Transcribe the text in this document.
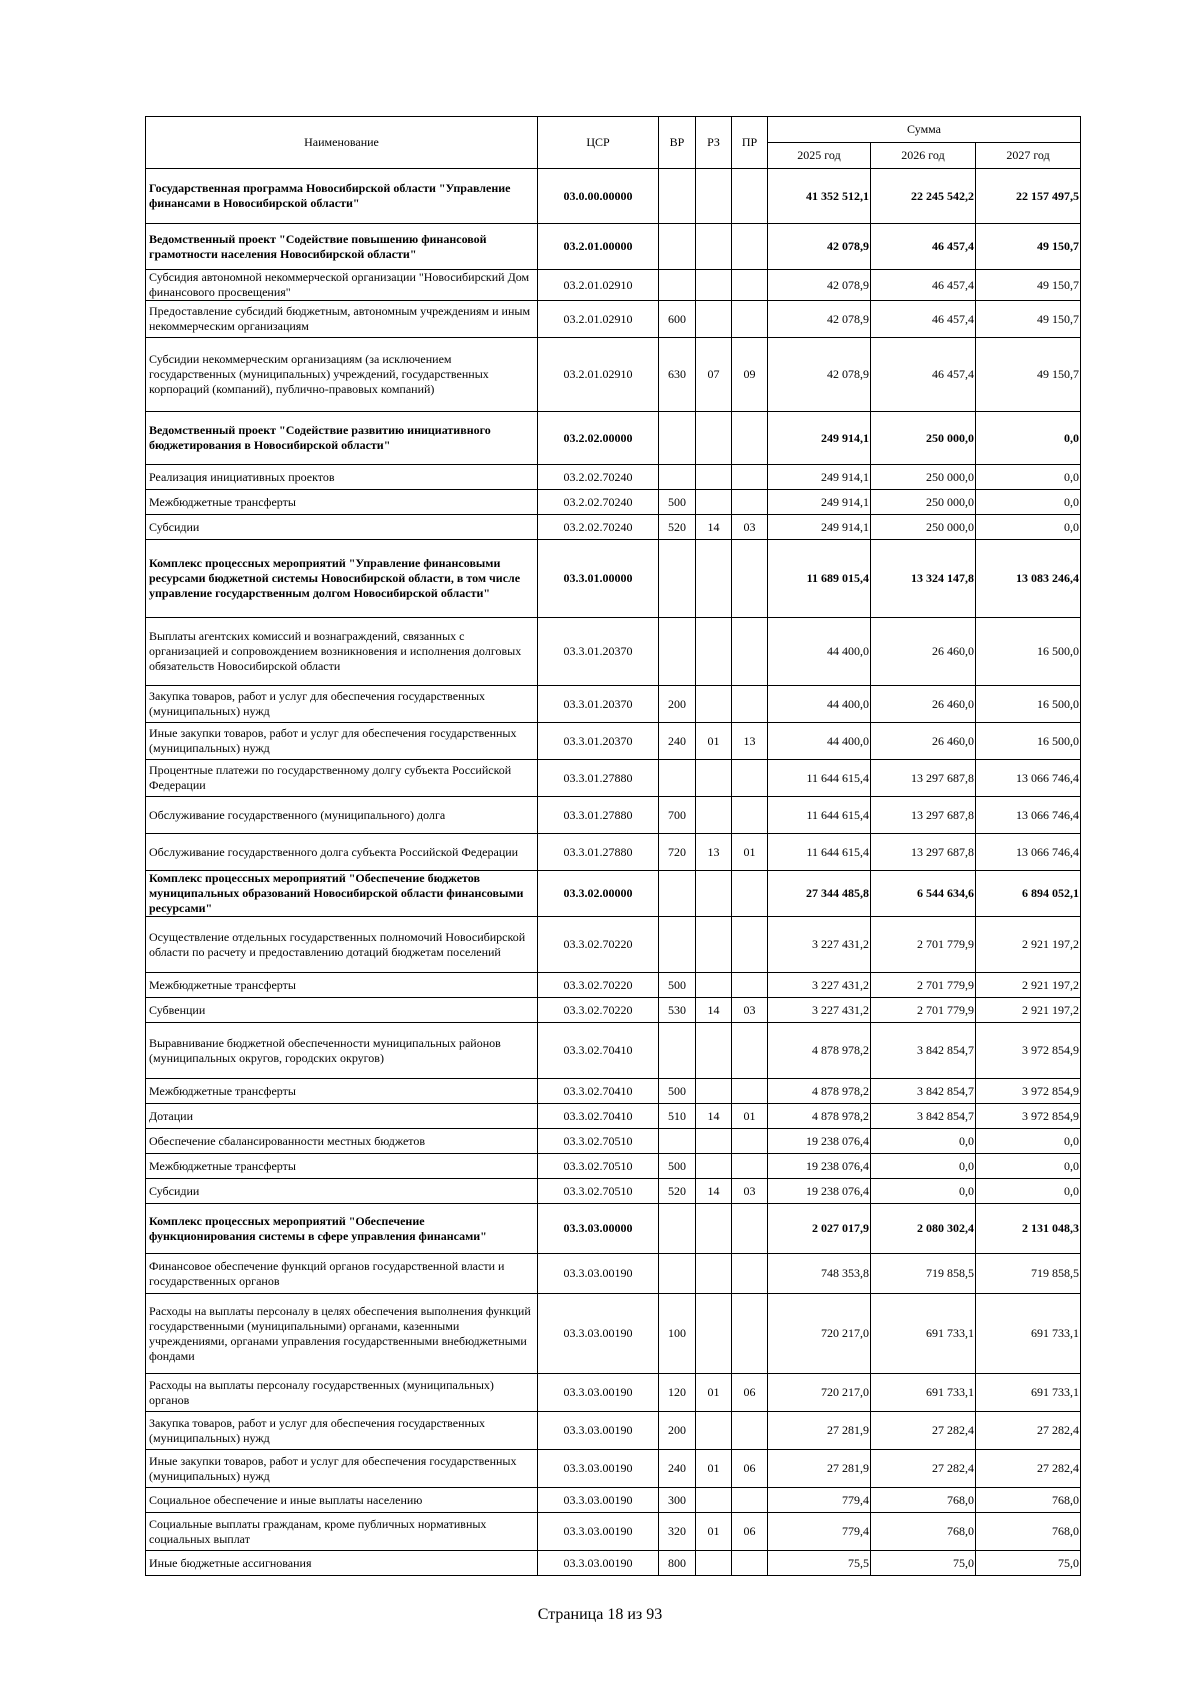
Наименование	ЦСР	ВР	РЗ	ПР	Сумма		
					2025 год	2026 год	2027 год
Государственная программа Новосибирской области "Управление финансами в Новосибирской области"	03.0.00.00000				41 352 512,1	22 245 542,2	22 157 497,5
Ведомственный проект "Содействие повышению финансовой грамотности населения Новосибирской области"	03.2.01.00000				42 078,9	46 457,4	49 150,7
Субсидия автономной некоммерческой организации "Новосибирский Дом финансового просвещения"	03.2.01.02910				42 078,9	46 457,4	49 150,7
Предоставление субсидий бюджетным, автономным учреждениям и иным некоммерческим организациям	03.2.01.02910	600			42 078,9	46 457,4	49 150,7
Субсидии некоммерческим организациям (за исключением государственных (муниципальных) учреждений, государственных корпораций (компаний), публично-правовых компаний)	03.2.01.02910	630	07	09	42 078,9	46 457,4	49 150,7
Ведомственный проект "Содействие развитию инициативного бюджетирования в Новосибирской области"	03.2.02.00000				249 914,1	250 000,0	0,0
Реализация инициативных проектов	03.2.02.70240				249 914,1	250 000,0	0,0
Межбюджетные трансферты	03.2.02.70240	500			249 914,1	250 000,0	0,0
Субсидии	03.2.02.70240	520	14	03	249 914,1	250 000,0	0,0
Комплекс процессных мероприятий "Управление финансовыми ресурсами бюджетной системы Новосибирской области, в том числе управление государственным долгом Новосибирской области"	03.3.01.00000				11 689 015,4	13 324 147,8	13 083 246,4
Выплаты агентских комиссий и вознаграждений, связанных с организацией и сопровождением возникновения и исполнения долговых обязательств Новосибирской области	03.3.01.20370				44 400,0	26 460,0	16 500,0
Закупка товаров, работ и услуг для обеспечения государственных (муниципальных) нужд	03.3.01.20370	200			44 400,0	26 460,0	16 500,0
Иные закупки товаров, работ и услуг для обеспечения государственных (муниципальных) нужд	03.3.01.20370	240	01	13	44 400,0	26 460,0	16 500,0
Процентные платежи по государственному долгу субъекта Российской Федерации	03.3.01.27880				11 644 615,4	13 297 687,8	13 066 746,4
Обслуживание государственного (муниципального) долга	03.3.01.27880	700			11 644 615,4	13 297 687,8	13 066 746,4
Обслуживание государственного долга субъекта Российской Федерации	03.3.01.27880	720	13	01	11 644 615,4	13 297 687,8	13 066 746,4
Комплекс процессных мероприятий "Обеспечение бюджетов муниципальных образований Новосибирской области финансовыми ресурсами"	03.3.02.00000				27 344 485,8	6 544 634,6	6 894 052,1
Осуществление отдельных государственных полномочий Новосибирской области по расчету и предоставлению дотаций бюджетам поселений	03.3.02.70220				3 227 431,2	2 701 779,9	2 921 197,2
Межбюджетные трансферты	03.3.02.70220	500			3 227 431,2	2 701 779,9	2 921 197,2
Субвенции	03.3.02.70220	530	14	03	3 227 431,2	2 701 779,9	2 921 197,2
Выравнивание бюджетной обеспеченности муниципальных районов (муниципальных округов, городских округов)	03.3.02.70410				4 878 978,2	3 842 854,7	3 972 854,9
Межбюджетные трансферты	03.3.02.70410	500			4 878 978,2	3 842 854,7	3 972 854,9
Дотации	03.3.02.70410	510	14	01	4 878 978,2	3 842 854,7	3 972 854,9
Обеспечение сбалансированности местных бюджетов	03.3.02.70510				19 238 076,4	0,0	0,0
Межбюджетные трансферты	03.3.02.70510	500			19 238 076,4	0,0	0,0
Субсидии	03.3.02.70510	520	14	03	19 238 076,4	0,0	0,0
Комплекс процессных мероприятий "Обеспечение функционирования системы в сфере управления финансами"	03.3.03.00000				2 027 017,9	2 080 302,4	2 131 048,3
Финансовое обеспечение функций органов государственной власти и государственных органов	03.3.03.00190				748 353,8	719 858,5	719 858,5
Расходы на выплаты персоналу в целях обеспечения выполнения функций государственными (муниципальными) органами, казенными учреждениями, органами управления государственными внебюджетными фондами	03.3.03.00190	100			720 217,0	691 733,1	691 733,1
Расходы на выплаты персоналу государственных (муниципальных) органов	03.3.03.00190	120	01	06	720 217,0	691 733,1	691 733,1
Закупка товаров, работ и услуг для обеспечения государственных (муниципальных) нужд	03.3.03.00190	200			27 281,9	27 282,4	27 282,4
Иные закупки товаров, работ и услуг для обеспечения государственных (муниципальных) нужд	03.3.03.00190	240	01	06	27 281,9	27 282,4	27 282,4
Социальное обеспечение и иные выплаты населению	03.3.03.00190	300			779,4	768,0	768,0
Социальные выплаты гражданам, кроме публичных нормативных социальных выплат	03.3.03.00190	320	01	06	779,4	768,0	768,0
Иные бюджетные ассигнования	03.3.03.00190	800			75,5	75,0	75,0
Страница 18 из 93
